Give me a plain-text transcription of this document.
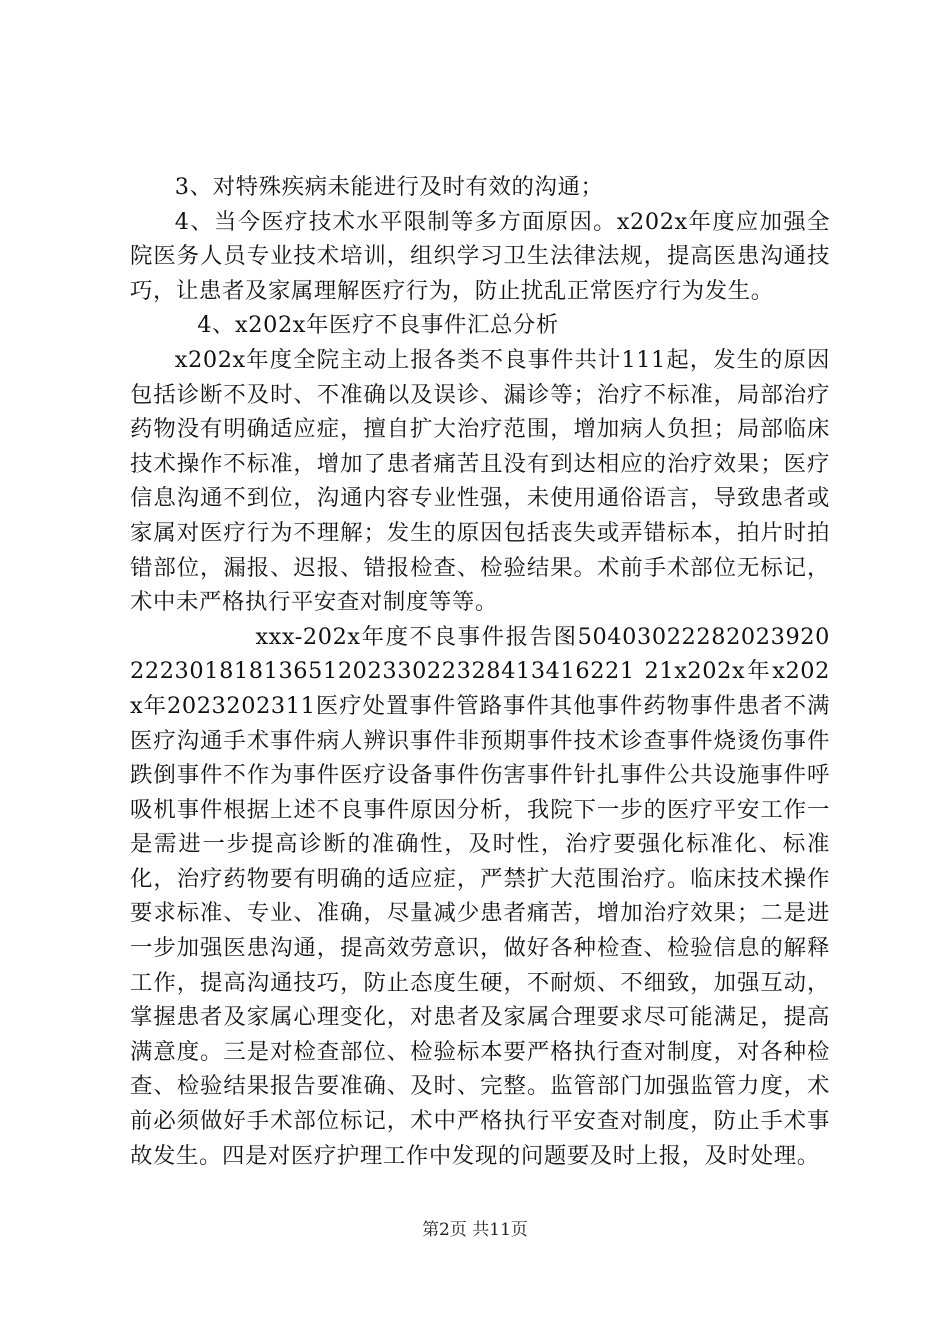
3、对特殊疾病未能进行及时有效的沟通；

4、当今医疗技术水平限制等多方面原因。x202x年度应加强全院医务人员专业技术培训，组织学习卫生法律法规，提高医患沟通技巧，让患者及家属理解医疗行为，防止扰乱正常医疗行为发生。

4、x202x年医疗不良事件汇总分析

x202x年度全院主动上报各类不良事件共计111起，发生的原因包括诊断不及时、不准确以及误诊、漏诊等；治疗不标准，局部治疗药物没有明确适应症，擅自扩大治疗范围，增加病人负担；局部临床技术操作不标准，增加了患者痛苦且没有到达相应的治疗效果；医疗信息沟通不到位，沟通内容专业性强，未使用通俗语言，导致患者或家属对医疗行为不理解；发生的原因包括丧失或弄错标本，拍片时拍错部位，漏报、迟报、错报检查、检验结果。术前手术部位无标记，术中未严格执行平安查对制度等等。

xxx-202x年度不良事件报告图504030222820239202223018181365120233022328413416221 21x202x年x202x年2023202311医疗处置事件管路事件其他事件药物事件患者不满医疗沟通手术事件病人辨识事件非预期事件技术诊查事件烧烫伤事件跌倒事件不作为事件医疗设备事件伤害事件针扎事件公共设施事件呼吸机事件根据上述不良事件原因分析，我院下一步的医疗平安工作一是需进一步提高诊断的准确性，及时性，治疗要强化标准化、标准化，治疗药物要有明确的适应症，严禁扩大范围治疗。临床技术操作要求标准、专业、准确，尽量减少患者痛苦，增加治疗效果；二是进一步加强医患沟通，提高效劳意识，做好各种检查、检验信息的解释工作，提高沟通技巧，防止态度生硬，不耐烦、不细致，加强互动，掌握患者及家属心理变化，对患者及家属合理要求尽可能满足，提高满意度。三是对检查部位、检验标本要严格执行查对制度，对各种检查、检验结果报告要准确、及时、完整。监管部门加强监管力度，术前必须做好手术部位标记，术中严格执行平安查对制度，防止手术事故发生。四是对医疗护理工作中发现的问题要及时上报，及时处理。

第2页 共11页
